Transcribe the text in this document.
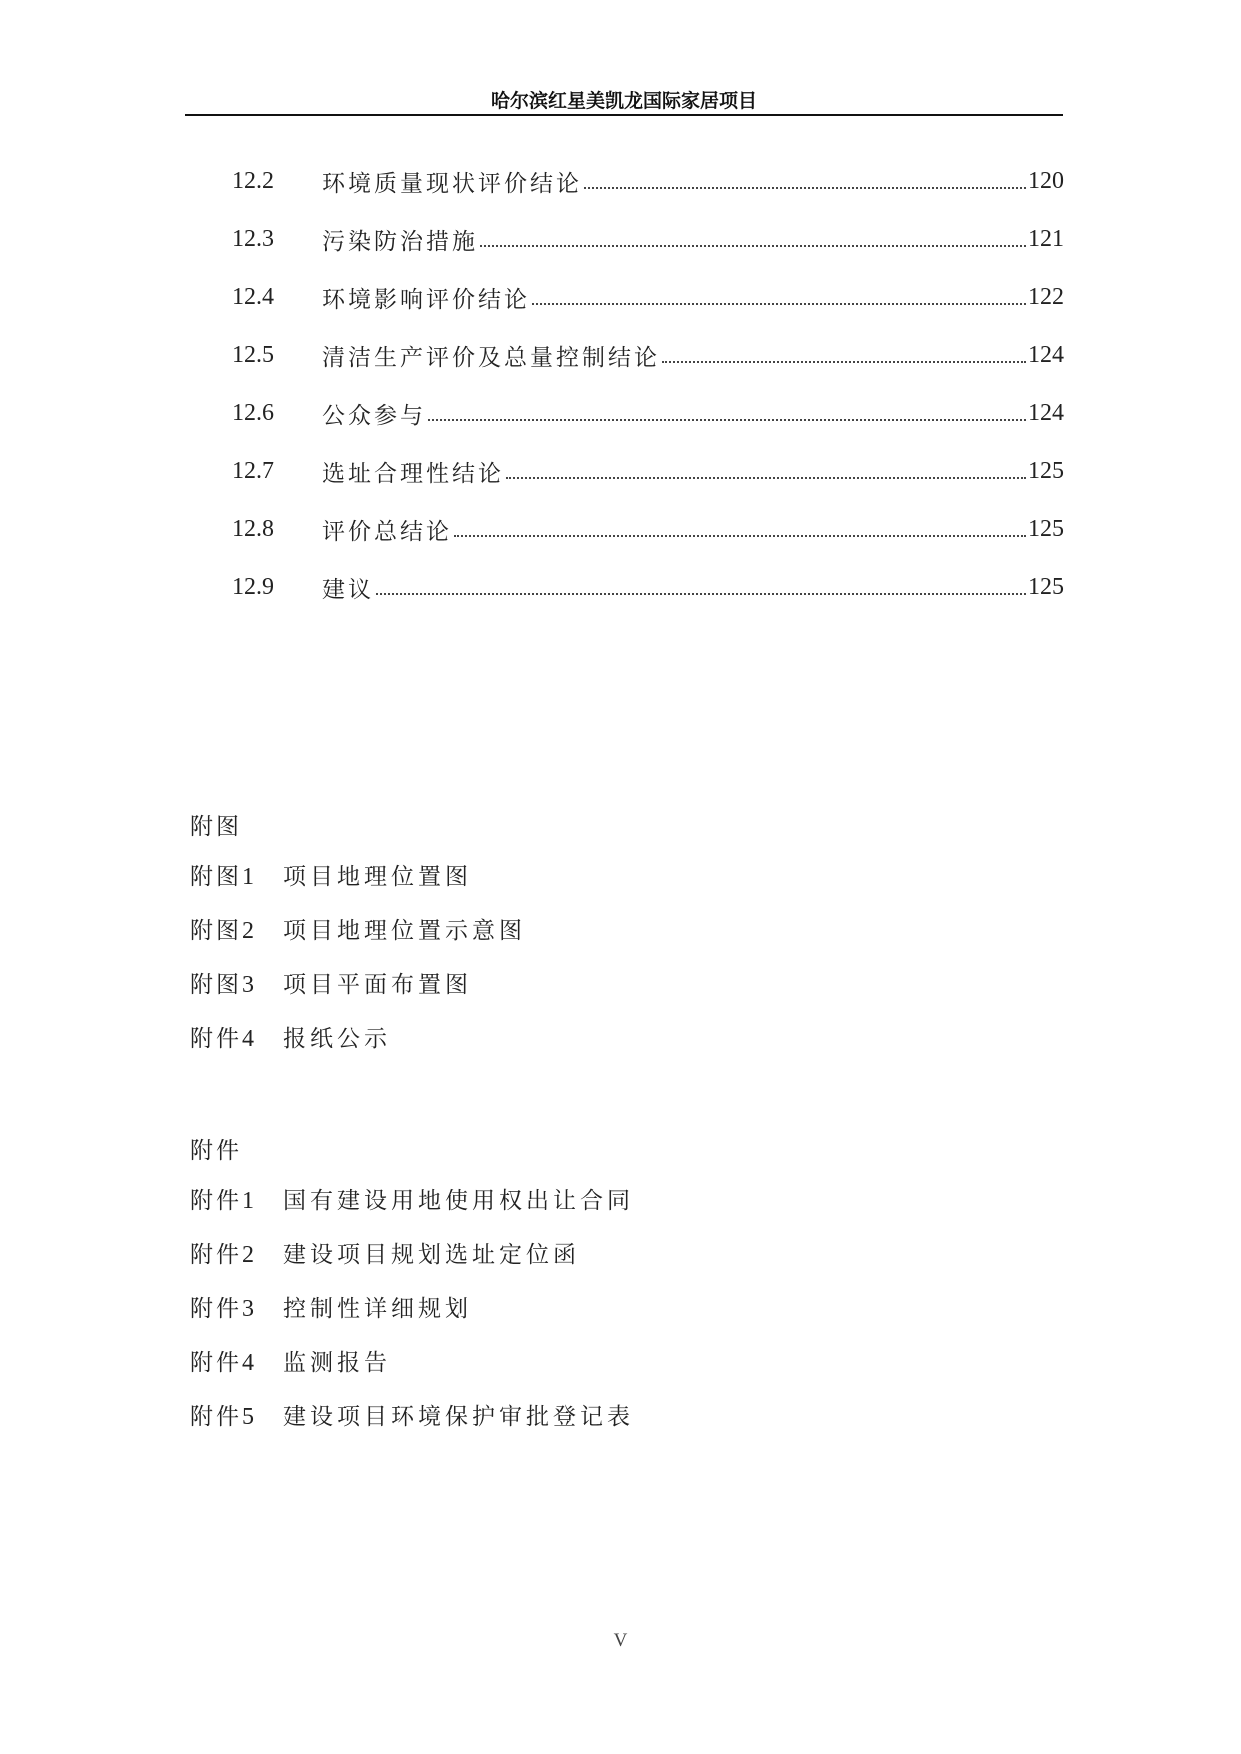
哈尔滨红星美凯龙国际家居项目
12.2	环境质量现状评价结论	120
12.3	污染防治措施	121
12.4	环境影响评价结论	122
12.5	清洁生产评价及总量控制结论	124
12.6	公众参与	124
12.7	选址合理性结论	125
12.8	评价总结论	125
12.9	建议	125
附图
附图1	项目地理位置图
附图2	项目地理位置示意图
附图3	项目平面布置图
附件4	报纸公示
附件
附件1	国有建设用地使用权出让合同
附件2	建设项目规划选址定位函
附件3	控制性详细规划
附件4	监测报告
附件5	建设项目环境保护审批登记表
V
